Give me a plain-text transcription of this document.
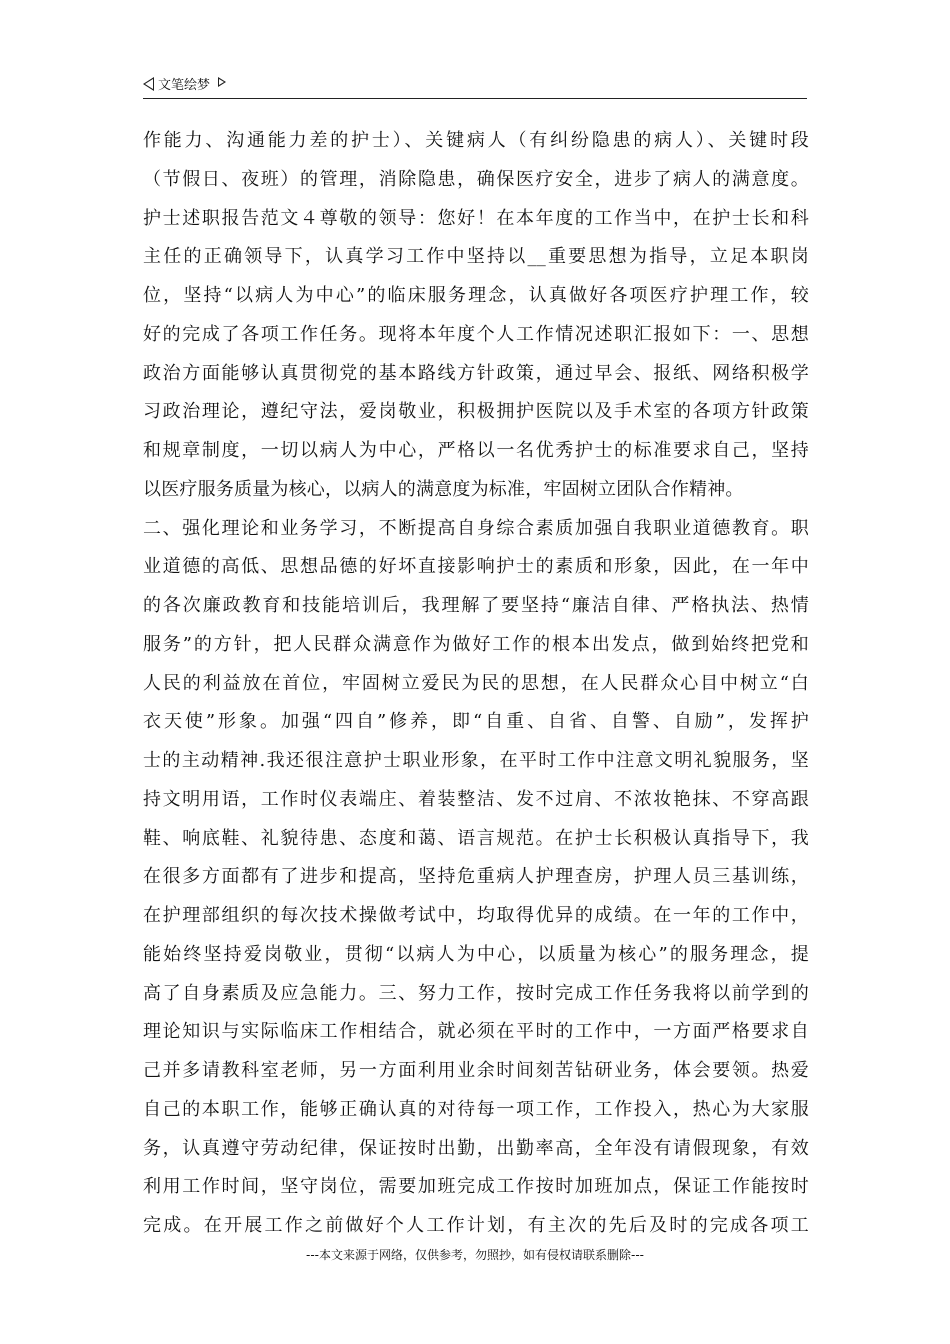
文笔绘梦
作能力、沟通能力差的护士）、关键病人（有纠纷隐患的病人）、关键时段
（节假日、夜班）的管理，消除隐患，确保医疗安全，进步了病人的满意度。
护士述职报告范文４尊敬的领导：您好！在本年度的工作当中，在护士长和科
主任的正确领导下，认真学习工作中坚持以__重要思想为指导，立足本职岗
位，坚持“以病人为中心”的临床服务理念，认真做好各项医疗护理工作，较
好的完成了各项工作任务。现将本年度个人工作情况述职汇报如下：一、思想
政治方面能够认真贯彻党的基本路线方针政策，通过早会、报纸、网络积极学
习政治理论，遵纪守法，爱岗敬业，积极拥护医院以及手术室的各项方针政策
和规章制度，一切以病人为中心，严格以一名优秀护士的标准要求自己，坚持
以医疗服务质量为核心，以病人的满意度为标准，牢固树立团队合作精神。
二、强化理论和业务学习，不断提高自身综合素质加强自我职业道德教育。职
业道德的高低、思想品德的好坏直接影响护士的素质和形象，因此，在一年中
的各次廉政教育和技能培训后，我理解了要坚持“廉洁自律、严格执法、热情
服务”的方针，把人民群众满意作为做好工作的根本出发点，做到始终把党和
人民的利益放在首位，牢固树立爱民为民的思想，在人民群众心目中树立“白
衣天使”形象。加强“四自”修养，即“自重、自省、自警、自励”，发挥护
士的主动精神.我还很注意护士职业形象，在平时工作中注意文明礼貌服务，坚
持文明用语，工作时仪表端庄、着装整洁、发不过肩、不浓妆艳抹、不穿高跟
鞋、响底鞋、礼貌待患、态度和蔼、语言规范。在护士长积极认真指导下，我
在很多方面都有了进步和提高，坚持危重病人护理查房，护理人员三基训练，
在护理部组织的每次技术操做考试中，均取得优异的成绩。在一年的工作中，
能始终坚持爱岗敬业，贯彻“以病人为中心，以质量为核心”的服务理念，提
高了自身素质及应急能力。三、努力工作，按时完成工作任务我将以前学到的
理论知识与实际临床工作相结合，就必须在平时的工作中，一方面严格要求自
己并多请教科室老师，另一方面利用业余时间刻苦钻研业务，体会要领。热爱
自己的本职工作，能够正确认真的对待每一项工作，工作投入，热心为大家服
务，认真遵守劳动纪律，保证按时出勤，出勤率高，全年没有请假现象，有效
利用工作时间，坚守岗位，需要加班完成工作按时加班加点，保证工作能按时
完成。在开展工作之前做好个人工作计划，有主次的先后及时的完成各项工
---本文来源于网络，仅供参考，勿照抄，如有侵权请联系删除---
